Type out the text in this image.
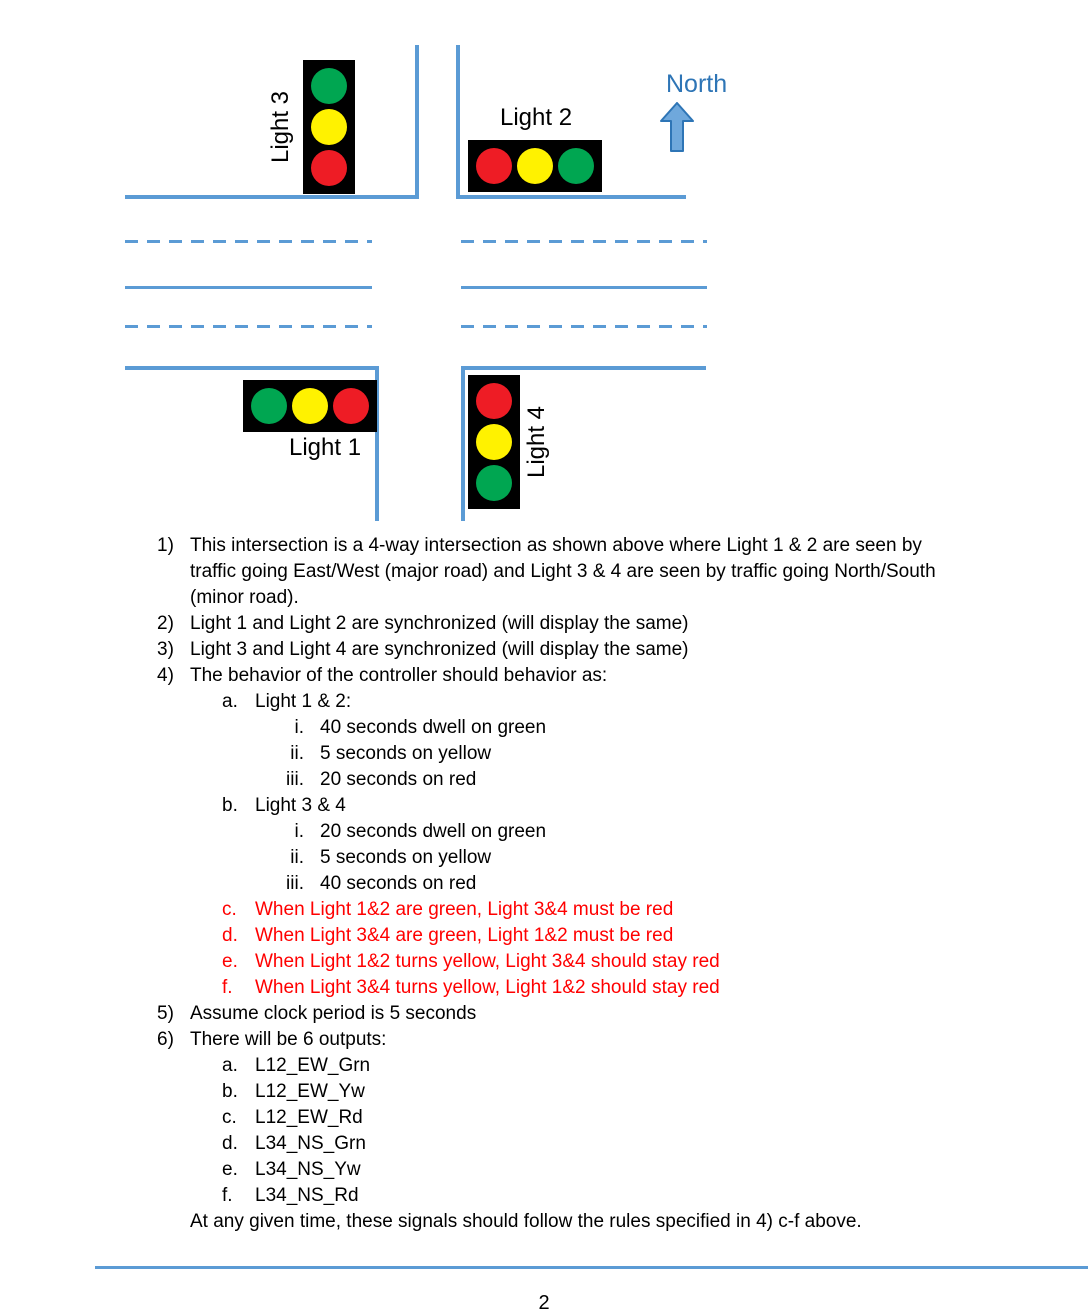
Light 3	Light 2
Light 1	Light 4
North
1) This intersection is a 4-way intersection as shown above where Light 1 & 2 are seen by traffic going East/West (major road) and Light 3 & 4 are seen by traffic going North/South (minor road).
2) Light 1 and Light 2 are synchronized (will display the same)
3) Light 3 and Light 4 are synchronized (will display the same)
4) The behavior of the controller should behavior as:
a. Light 1 & 2:
i. 40 seconds dwell on green
ii. 5 seconds on yellow
iii. 20 seconds on red
b. Light 3 & 4
i. 20 seconds dwell on green
ii. 5 seconds on yellow
iii. 40 seconds on red
c. When Light 1&2 are green, Light 3&4 must be red
d. When Light 3&4 are green, Light 1&2 must be red
e. When Light 1&2 turns yellow, Light 3&4 should stay red
f.	When Light 3&4 turns yellow, Light 1&2 should stay red
5) Assume clock period is 5 seconds
6) There will be 6 outputs:
a. L12_EW_Grn
b. L12_EW_Yw
c. L12_EW_Rd
d. L34_NS_Grn
e. L34_NS_Yw
f.	L34_NS_Rd
At any given time, these signals should follow the rules specified in 4) c-f above.
2
